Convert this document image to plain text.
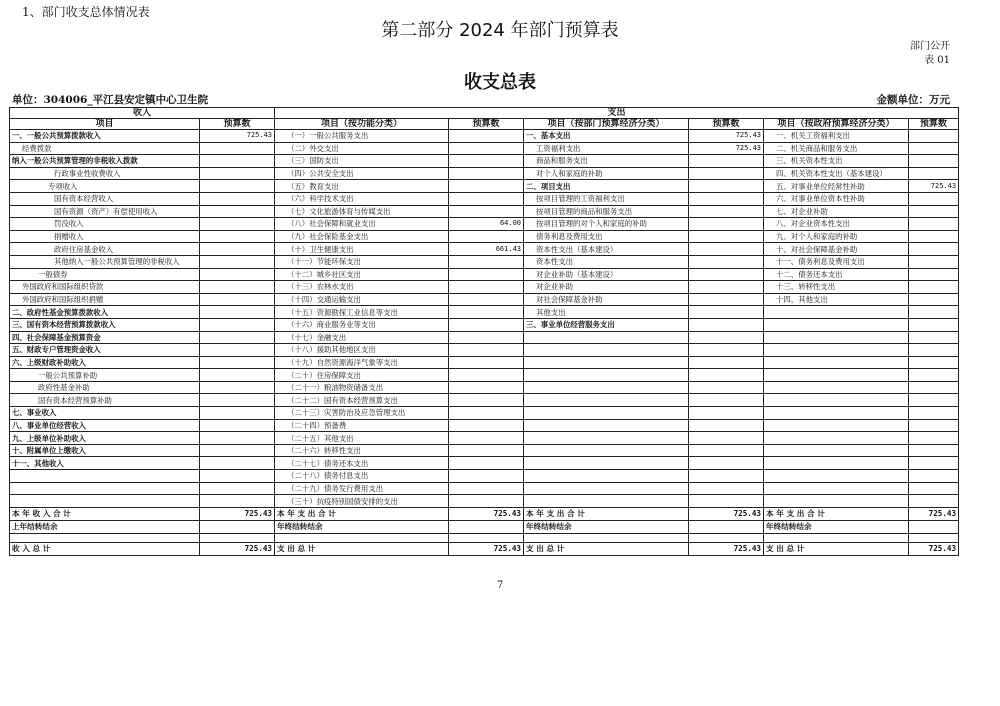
1、部门收支总体情况表
第二部分 2024 年部门预算表
部门公开
表 01
收支总表
单位：304006_平江县安定镇中心卫生院	金额单位：万元
收入		支出					
项目	预算数	项目（按功能分类）	预算数	项目（按部门预算经济分类）	预算数	项目（按政府预算经济分类）	预算数
一、一般公共预算拨款收入	725.43	（一）一般公共服务支出		一、基本支出	725.43	一、机关工资福利支出	
经费拨款		（二）外交支出		工资福利支出	725.43	二、机关商品和服务支出	
纳入一般公共预算管理的非税收入拨款		（三）国防支出		商品和服务支出		三、机关资本性支出	
行政事业性收费收入		（四）公共安全支出		对个人和家庭的补助		四、机关资本性支出（基本建设）	
专项收入		（五）教育支出		二、项目支出		五、对事业单位经常性补助	725.43
国有资本经营收入		（六）科学技术支出		按项目管理的工资福利支出		六、对事业单位资本性补助	
国有资源（资产）有偿使用收入		（七）文化旅游体育与传媒支出		按项目管理的商品和服务支出		七、对企业补助	
罚没收入		（八）社会保障和就业支出	64.00	按项目管理的对个人和家庭的补助		八、对企业资本性支出	
捐赠收入		（九）社会保险基金支出		债务利息及费用支出		九、对个人和家庭的补助	
政府住房基金收入		（十）卫生健康支出	661.43	资本性支出（基本建设）		十、对社会保障基金补助	
其他纳入一般公共预算管理的非税收入		（十一）节能环保支出		资本性支出		十一、债务利息及费用支出	
一般债券		（十二）城乡社区支出		对企业补助（基本建设）		十二、债务还本支出	
外国政府和国际组织贷款		（十三）农林水支出		对企业补助		十三、转移性支出	
外国政府和国际组织捐赠		（十四）交通运输支出		对社会保障基金补助		十四、其他支出	
二、政府性基金预算拨款收入		（十五）资源勘探工业信息等支出		其他支出			
三、国有资本经营预算拨款收入		（十六）商业服务业等支出		三、事业单位经营服务支出			
四、社会保障基金预算资金		（十七）金融支出					
五、财政专户管理资金收入		（十八）援助其他地区支出					
六、上级财政补助收入		（十九）自然资源海洋气象等支出					
一般公共预算补助		（二十）住房保障支出					
政府性基金补助		（二十一）粮油物资储备支出					
国有资本经营预算补助		（二十二）国有资本经营预算支出					
七、事业收入		（二十三）灾害防治及应急管理支出					
八、事业单位经营收入		（二十四）预备费					
九、上级单位补助收入		（二十五）其他支出					
十、附属单位上缴收入		（二十六）转移性支出					
十一、其他收入		（二十七）债务还本支出					
		（二十八）债务付息支出					
		（二十九）债务发行费用支出					
		（三十）抗疫特别国债安排的支出					
本 年 收 入 合 计	725.43	本 年 支 出 合 计	725.43	本 年 支 出 合 计	725.43	本 年 支 出 合 计	725.43
上年结转结余		年终结转结余		年终结转结余		年终结转结余	

收 入 总 计	725.43	支 出 总 计	725.43	支 出 总 计	725.43	支 出 总 计	725.43
7
